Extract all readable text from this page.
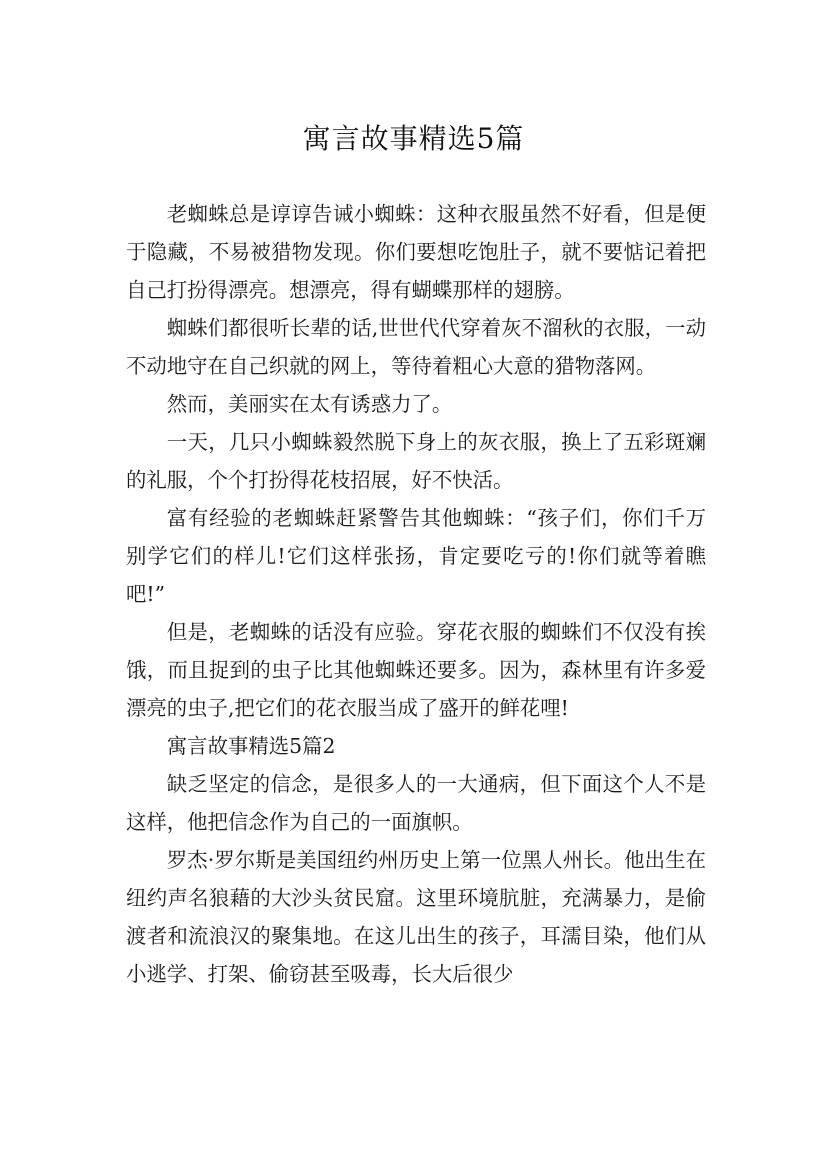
寓言故事精选5篇

老蜘蛛总是谆谆告诫小蜘蛛：这种衣服虽然不好看，但是便于隐藏，不易被猎物发现。你们要想吃饱肚子，就不要惦记着把自己打扮得漂亮。想漂亮，得有蝴蝶那样的翅膀。

蜘蛛们都很听长辈的话,世世代代穿着灰不溜秋的衣服，一动不动地守在自己织就的网上，等待着粗心大意的猎物落网。

然而，美丽实在太有诱惑力了。

一天，几只小蜘蛛毅然脱下身上的灰衣服，换上了五彩斑斓的礼服，个个打扮得花枝招展，好不快活。

富有经验的老蜘蛛赶紧警告其他蜘蛛：“孩子们，你们千万别学它们的样儿!它们这样张扬，肯定要吃亏的!你们就等着瞧吧!”

但是，老蜘蛛的话没有应验。穿花衣服的蜘蛛们不仅没有挨饿，而且捉到的虫子比其他蜘蛛还要多。因为，森林里有许多爱漂亮的虫子,把它们的花衣服当成了盛开的鲜花哩!

寓言故事精选5篇2

缺乏坚定的信念，是很多人的一大通病，但下面这个人不是这样，他把信念作为自己的一面旗帜。

罗杰·罗尔斯是美国纽约州历史上第一位黑人州长。他出生在纽约声名狼藉的大沙头贫民窟。这里环境肮脏，充满暴力，是偷渡者和流浪汉的聚集地。在这儿出生的孩子，耳濡目染，他们从小逃学、打架、偷窃甚至吸毒，长大后很少
